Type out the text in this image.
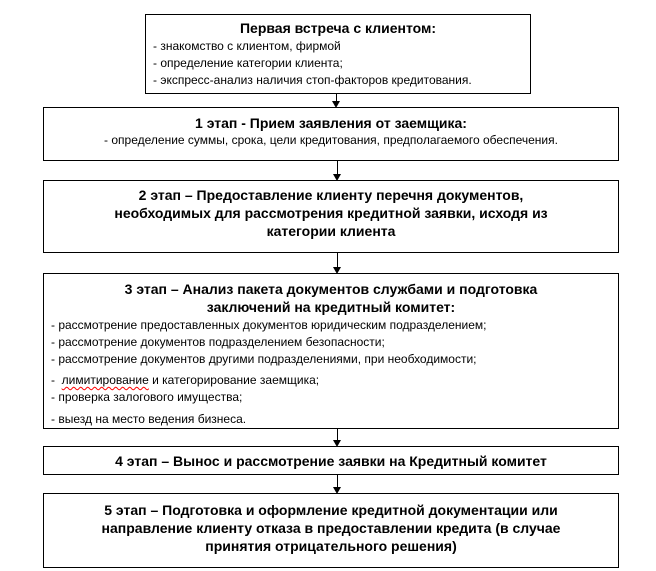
Первая встреча с клиентом:
- знакомство с клиентом, фирмой
- определение категории клиента;
- экспресс-анализ наличия стоп-факторов кредитования.
1 этап - Прием заявления от заемщика:
- определение суммы, срока, цели кредитования, предполагаемого обеспечения.
2 этап – Предоставление клиенту перечня документов,
необходимых для рассмотрения кредитной заявки, исходя из
категории клиента
3 этап – Анализ пакета документов службами и подготовка
заключений на кредитный комитет:
- рассмотрение предоставленных документов юридическим подразделением;
- рассмотрение документов подразделением безопасности;
- рассмотрение документов другими подразделениями, при необходимости;
-  лимитирование и категорирование заемщика;
- проверка залогового имущества;
- выезд на место ведения бизнеса.
4 этап – Вынос и рассмотрение заявки на Кредитный комитет
5 этап – Подготовка и оформление кредитной документации или
направление клиенту отказа в предоставлении кредита (в случае
принятия отрицательного решения)
